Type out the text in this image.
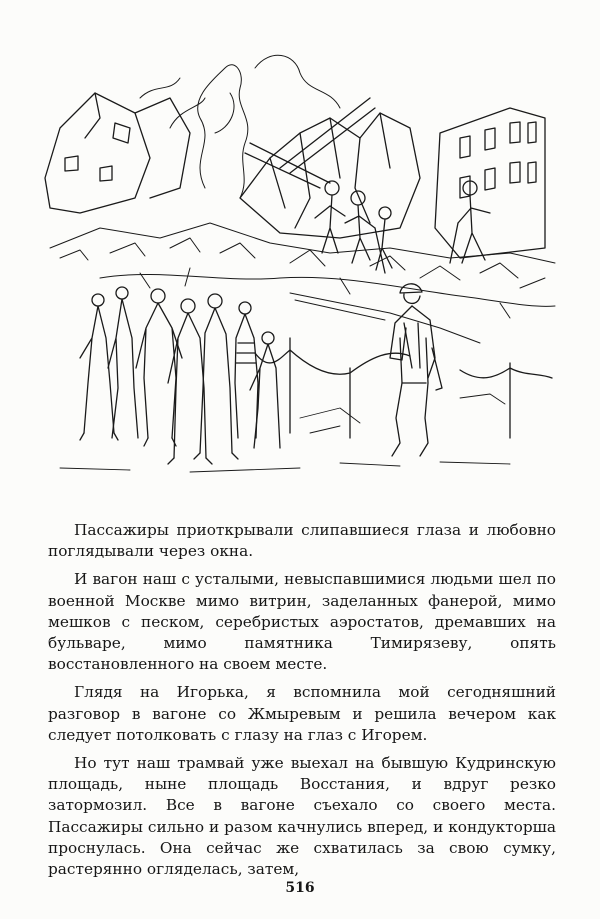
Пассажиры приоткрывали слипавшиеся глаза и любовно поглядывали через окна.

И вагон наш с усталыми, невыспавшимися людьми шел по военной Москве мимо витрин, заделанных фанерой, мимо мешков с песком, серебристых аэростатов, дремавших на бульваре, мимо памятника Тимирязеву, опять восстановленного на своем месте.

Глядя на Игорька, я вспомнила мой сегодняшний разговор в вагоне со Жмыревым и решила вечером как следует потолковать с глазу на глаз с Игорем.

Но тут наш трамвай уже выехал на бывшую Кудринскую площадь, ныне площадь Восстания, и вдруг резко затормозил. Все в вагоне съехало со своего места. Пассажиры сильно и разом качнулись вперед, и кондукторша проснулась. Она сейчас же схватилась за свою сумку, растерянно огляделась, затем,

516
